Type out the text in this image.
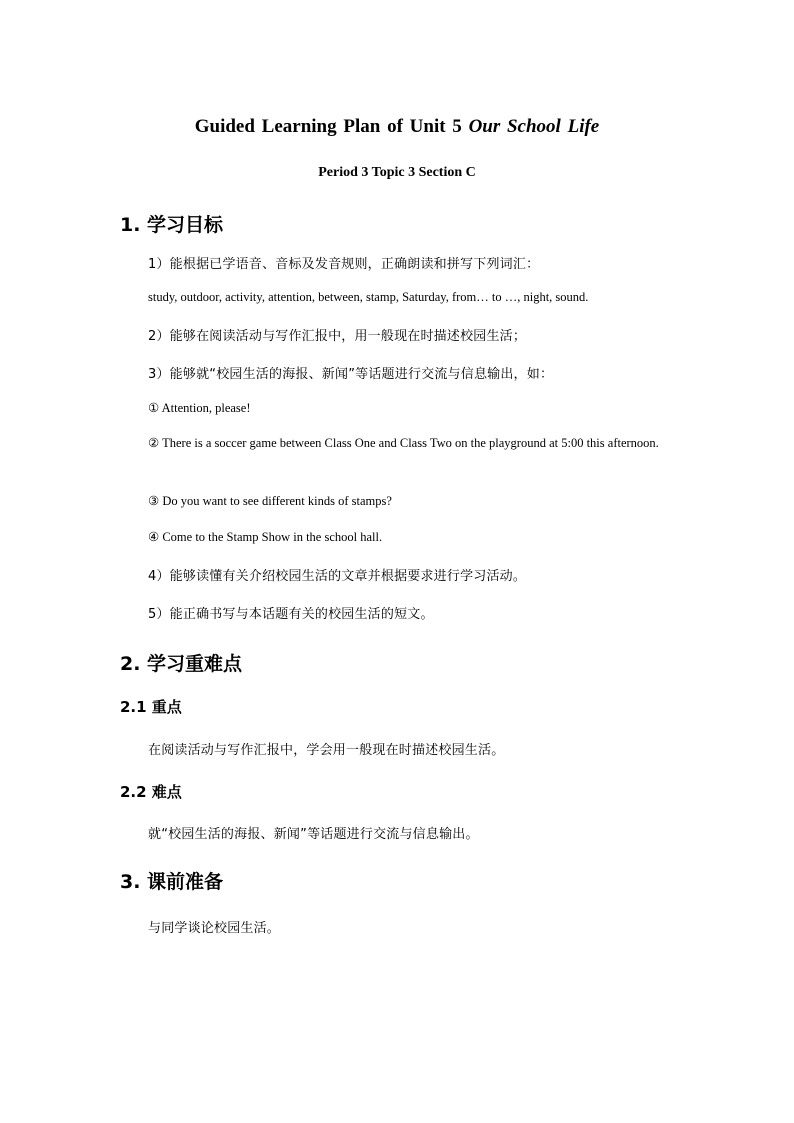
Guided Learning Plan of Unit 5 Our School Life
Period 3 Topic 3 Section C
1. 学习目标
1）能根据已学语音、音标及发音规则，正确朗读和拼写下列词汇：
study, outdoor, activity, attention, between, stamp, Saturday, from… to …, night, sound.
2）能够在阅读活动与写作汇报中，用一般现在时描述校园生活；
3）能够就“校园生活的海报、新闻”等话题进行交流与信息输出，如：
① Attention, please!
② There is a soccer game between Class One and Class Two on the playground at 5:00 this afternoon.
③ Do you want to see different kinds of stamps?
④ Come to the Stamp Show in the school hall.
4）能够读懂有关介绍校园生活的文章并根据要求进行学习活动。
5）能正确书写与本话题有关的校园生活的短文。
2. 学习重难点
2.1 重点
在阅读活动与写作汇报中，学会用一般现在时描述校园生活。
2.2 难点
就“校园生活的海报、新闻”等话题进行交流与信息输出。
3. 课前准备
与同学谈论校园生活。
